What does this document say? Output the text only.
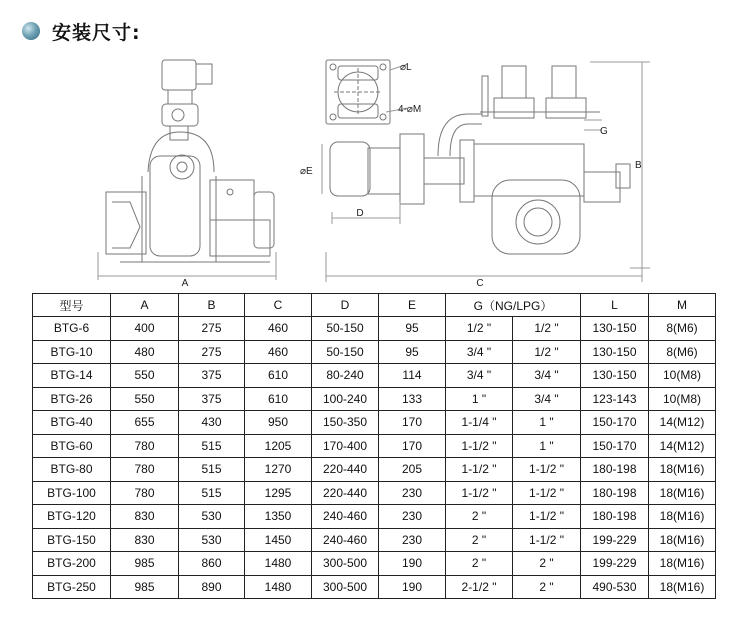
安装尺寸:
A
B
C
D
⌀E
G
⌀L
4-⌀M
型号	A	B	C	D	E	G（NG/LPG）		L	M
BTG-6	400	275	460	50-150	95	1/2 "	1/2 "	130-150	8(M6)
BTG-10	480	275	460	50-150	95	3/4 "	1/2 "	130-150	8(M6)
BTG-14	550	375	610	80-240	114	3/4 "	3/4 "	130-150	10(M8)
BTG-26	550	375	610	100-240	133	1 "	3/4 "	123-143	10(M8)
BTG-40	655	430	950	150-350	170	1-1/4 "	1 "	150-170	14(M12)
BTG-60	780	515	1205	170-400	170	1-1/2 "	1 "	150-170	14(M12)
BTG-80	780	515	1270	220-440	205	1-1/2 "	1-1/2 "	180-198	18(M16)
BTG-100	780	515	1295	220-440	230	1-1/2 "	1-1/2 "	180-198	18(M16)
BTG-120	830	530	1350	240-460	230	2 "	1-1/2 "	180-198	18(M16)
BTG-150	830	530	1450	240-460	230	2 "	1-1/2 "	199-229	18(M16)
BTG-200	985	860	1480	300-500	190	2 "	2 "	199-229	18(M16)
BTG-250	985	890	1480	300-500	190	2-1/2 "	2 "	490-530	18(M16)
